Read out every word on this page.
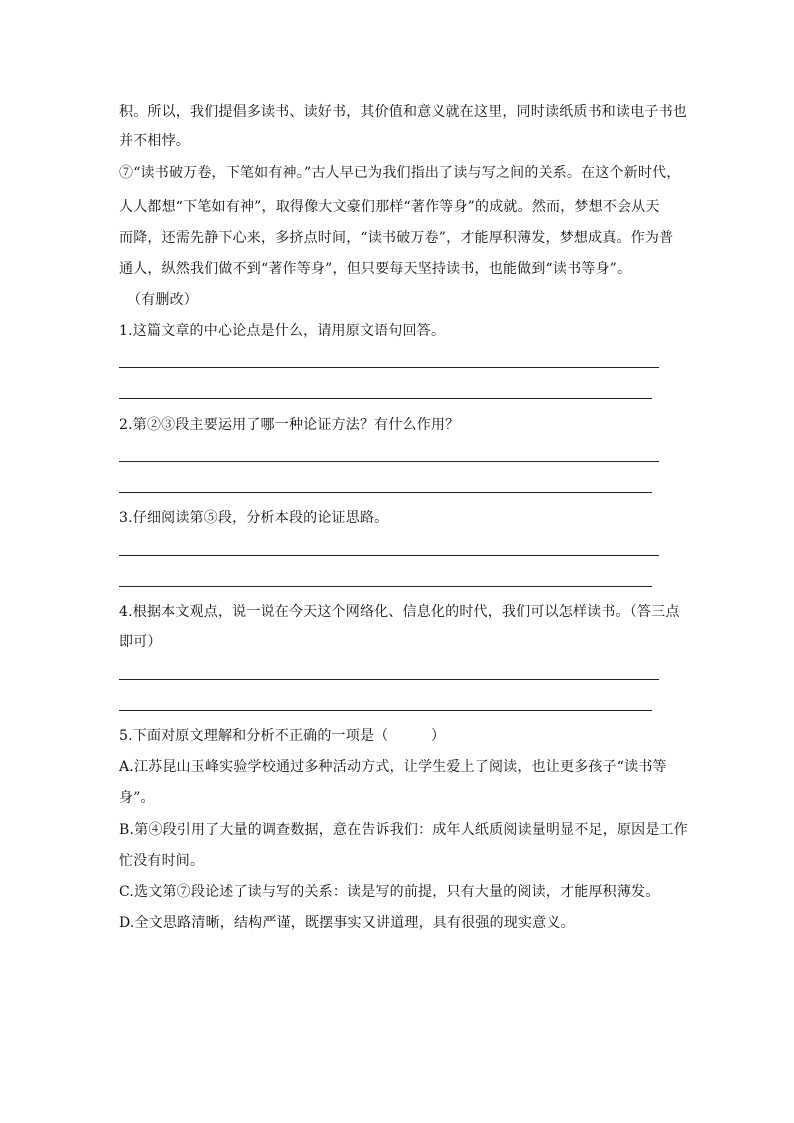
积。所以，我们提倡多读书、读好书，其价值和意义就在这里，同时读纸质书和读电子书也
并不相悖。
⑦“读书破万卷，下笔如有神。”古人早已为我们指出了读与写之间的关系。在这个新时代，
人人都想“下笔如有神”，取得像大文豪们那样“著作等身”的成就。然而，梦想不会从天
而降，还需先静下心来，多挤点时间，“读书破万卷”，才能厚积薄发，梦想成真。作为普
通人，纵然我们做不到“著作等身”，但只要每天坚持读书，也能做到“读书等身”。
（有删改）
1.这篇文章的中心论点是什么，请用原文语句回答。
2.第②③段主要运用了哪一种论证方法？有什么作用？
3.仔细阅读第⑤段，分析本段的论证思路。
4.根据本文观点，说一说在今天这个网络化、信息化的时代，我们可以怎样读书。（答三点
即可）
5.下面对原文理解和分析不正确的一项是（　　　）
A.江苏昆山玉峰实验学校通过多种活动方式，让学生爱上了阅读，也让更多孩子“读书等
身”。
B.第④段引用了大量的调查数据，意在告诉我们：成年人纸质阅读量明显不足，原因是工作
忙没有时间。
C.选文第⑦段论述了读与写的关系：读是写的前提，只有大量的阅读，才能厚积薄发。
D.全文思路清晰，结构严谨，既摆事实又讲道理，具有很强的现实意义。
